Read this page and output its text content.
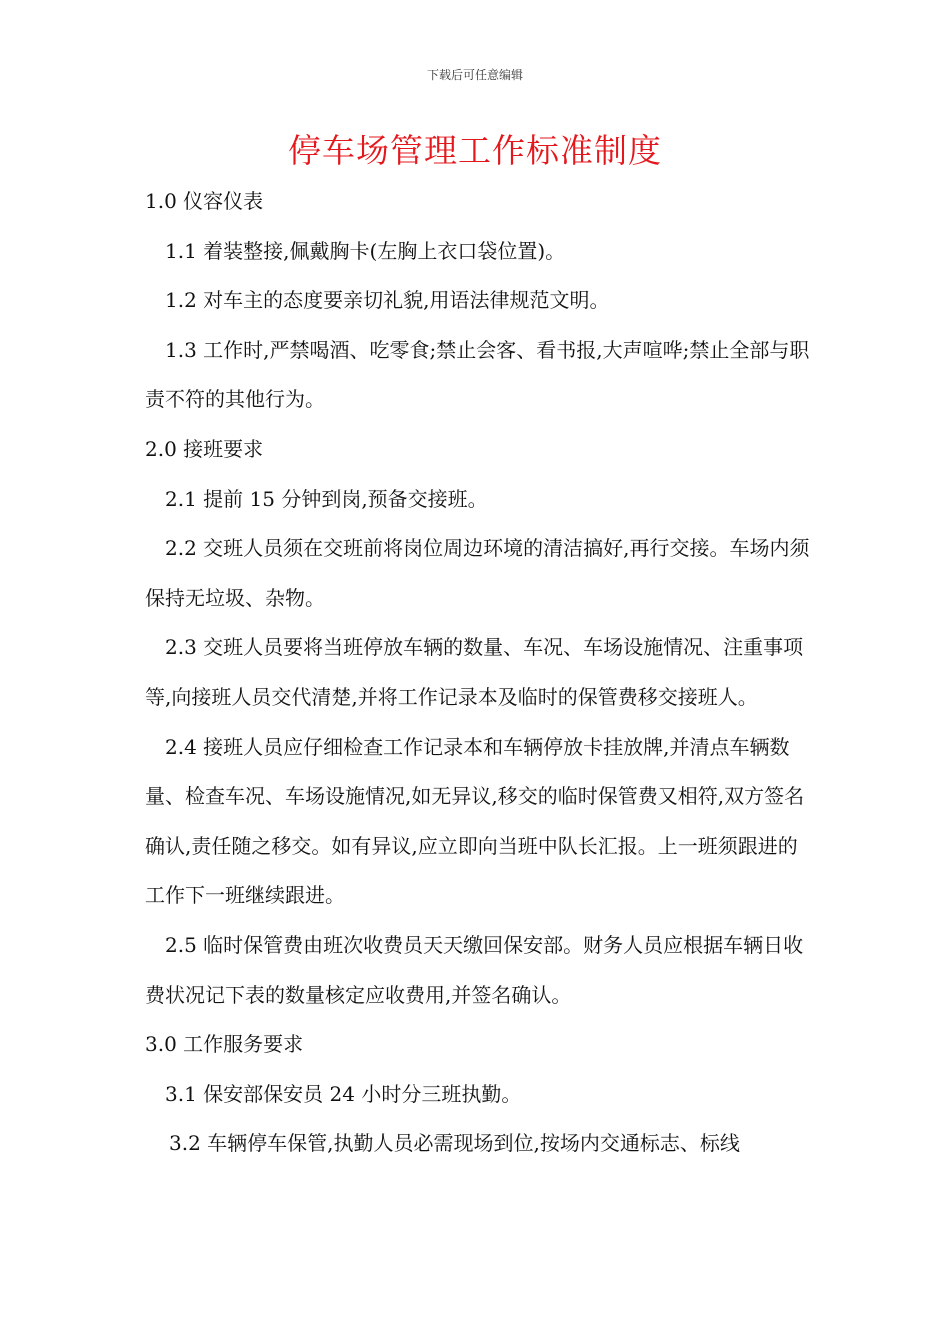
下载后可任意编辑
停车场管理工作标准制度

1.0 仪容仪表

1.1 着装整接,佩戴胸卡(左胸上衣口袋位置)。

1.2 对车主的态度要亲切礼貌,用语法律规范文明。

1.3 工作时,严禁喝酒、吃零食;禁止会客、看书报,大声喧哗;禁止全部与职责不符的其他行为。

2.0 接班要求

2.1 提前 15 分钟到岗,预备交接班。

2.2 交班人员须在交班前将岗位周边环境的清洁搞好,再行交接。车场内须保持无垃圾、杂物。

2.3 交班人员要将当班停放车辆的数量、车况、车场设施情况、注重事项等,向接班人员交代清楚,并将工作记录本及临时的保管费移交接班人。

2.4 接班人员应仔细检查工作记录本和车辆停放卡挂放牌,并清点车辆数量、检查车况、车场设施情况,如无异议,移交的临时保管费又相符,双方签名确认,责任随之移交。如有异议,应立即向当班中队长汇报。上一班须跟进的工作下一班继续跟进。

2.5 临时保管费由班次收费员天天缴回保安部。财务人员应根据车辆日收费状况记下表的数量核定应收费用,并签名确认。

3.0 工作服务要求

3.1 保安部保安员 24 小时分三班执勤。

3.2 车辆停车保管,执勤人员必需现场到位,按场内交通标志、标线
